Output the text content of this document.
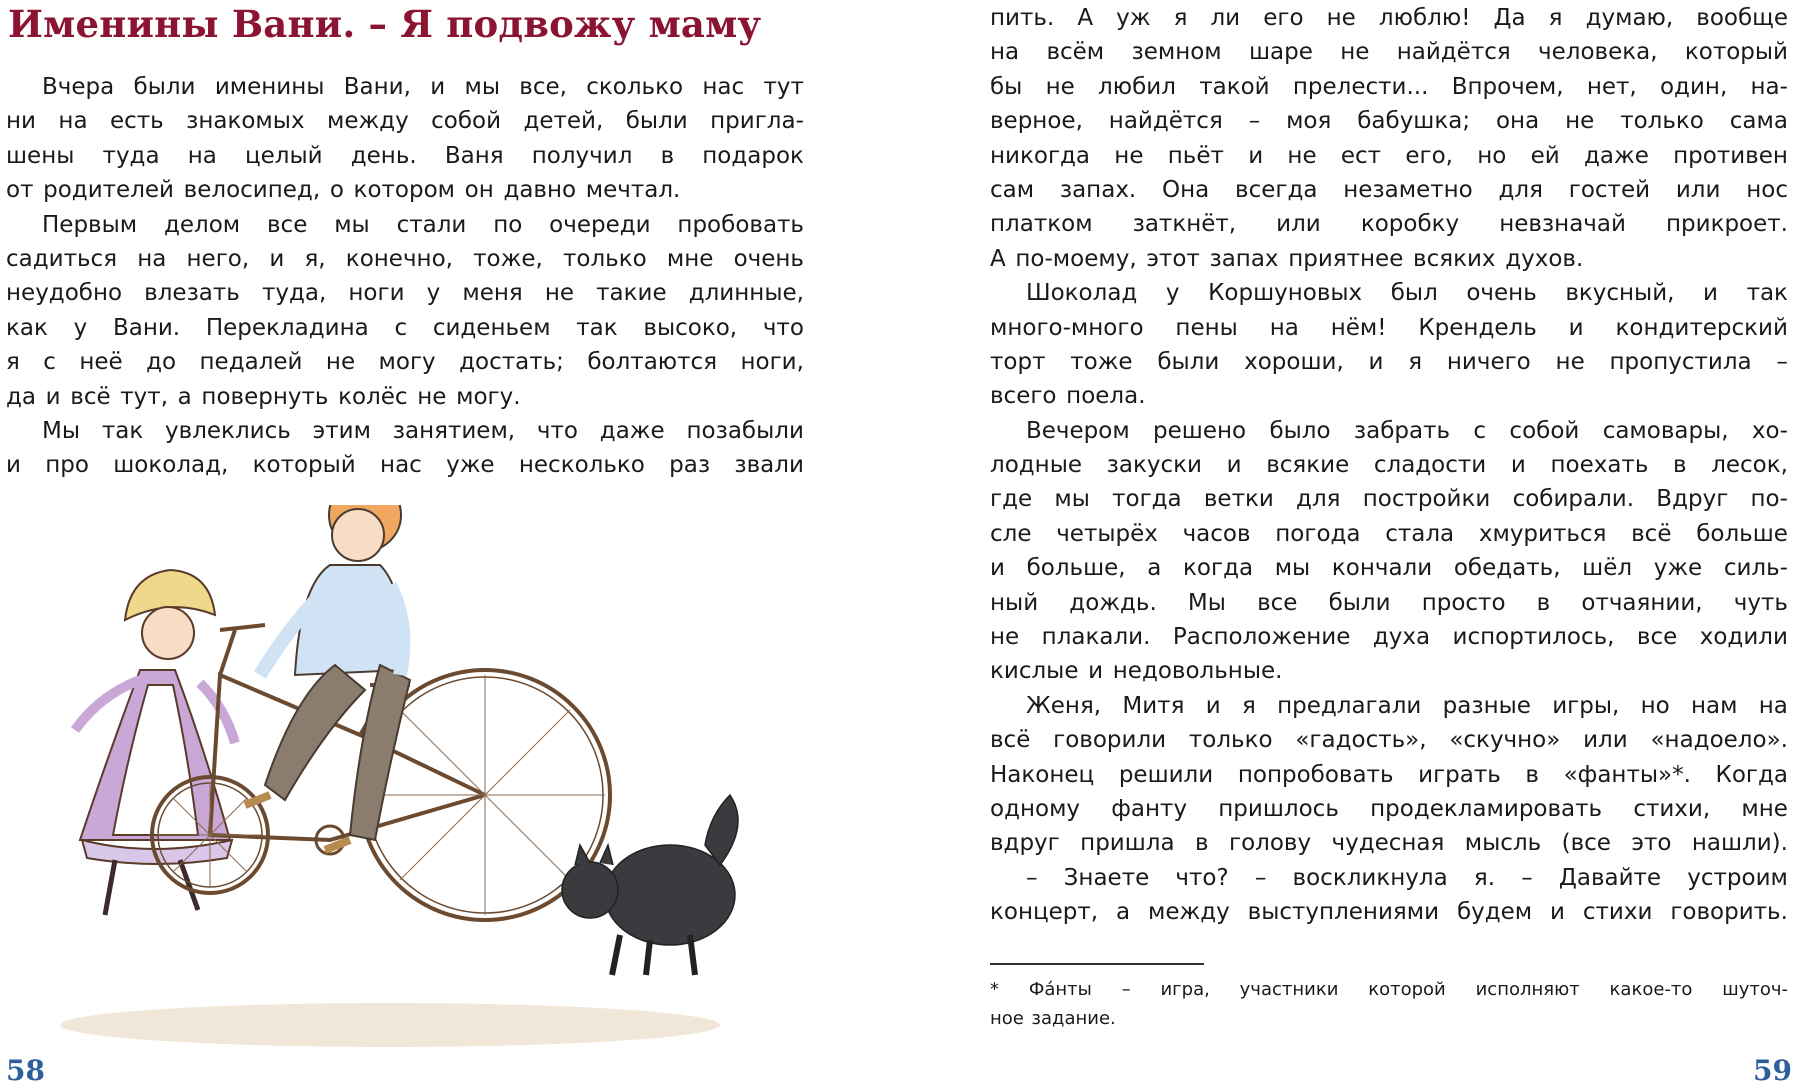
Именины Вани. – Я подвожу маму
Вчера были именины Вани, и мы все, сколько нас тут
ни на есть знакомых между собой детей, были пригла-
шены туда на целый день. Ваня получил в подарок
от родителей велосипед, о котором он давно мечтал.
Первым делом все мы стали по очереди пробовать
садиться на него, и я, конечно, тоже, только мне очень
неудобно влезать туда, ноги у меня не такие длинные,
как у Вани. Перекладина с сиденьем так высоко, что
я с неё до педалей не могу достать; болтаются ноги,
да и всё тут, а повернуть колёс не могу.
Мы так увлеклись этим занятием, что даже позабыли
и про шоколад, который нас уже несколько раз звали
58
пить. А уж я ли его не люблю! Да я думаю, вообще
на всём земном шаре не найдётся человека, который
бы не любил такой прелести... Впрочем, нет, один, на-
верное, найдётся – моя бабушка; она не только сама
никогда не пьёт и не ест его, но ей даже противен
сам запах. Она всегда незаметно для гостей или нос
платком заткнёт, или коробку невзначай прикроет.
А по-моему, этот запах приятнее всяких духов.
Шоколад у Коршуновых был очень вкусный, и так
много-много пены на нём! Крендель и кондитерский
торт тоже были хороши, и я ничего не пропустила –
всего поела.
Вечером решено было забрать с собой самовары, хо-
лодные закуски и всякие сладости и поехать в лесок,
где мы тогда ветки для постройки собирали. Вдруг по-
сле четырёх часов погода стала хмуриться всё больше
и больше, а когда мы кончали обедать, шёл уже силь-
ный дождь. Мы все были просто в отчаянии, чуть
не плакали. Расположение духа испортилось, все ходили
кислые и недовольные.
Женя, Митя и я предлагали разные игры, но нам на
всё говорили только «гадость», «скучно» или «надоело».
Наконец решили попробовать играть в «фанты»*. Когда
одному фанту пришлось продекламировать стихи, мне
вдруг пришла в голову чудесная мысль (все это нашли).
– Знаете что? – воскликнула я. – Давайте устроим
концерт, а между выступлениями будем и стихи говорить.
* Фа́нты – игра, участники которой исполняют какое-то шуточ-
ное задание.
59
